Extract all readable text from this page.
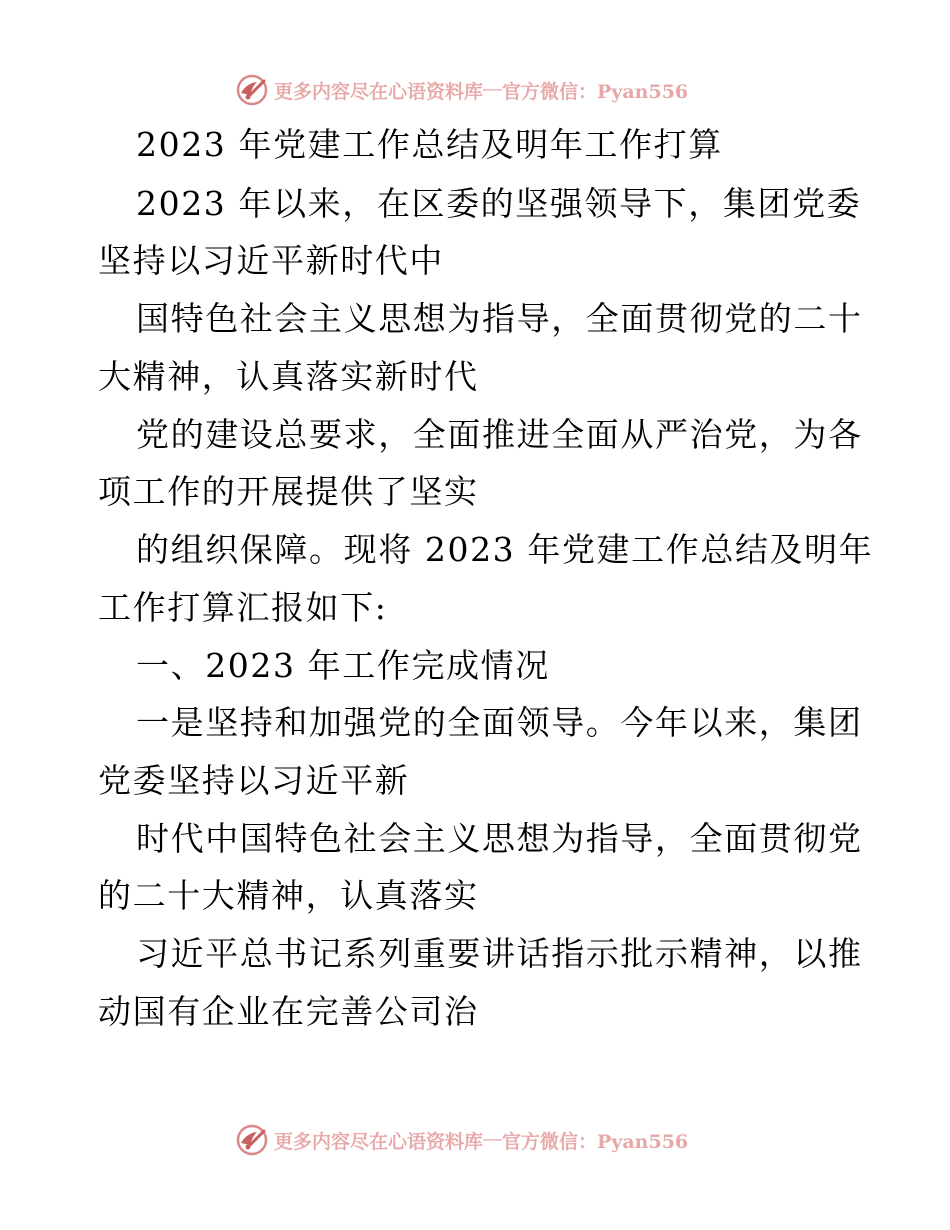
更多内容尽在心语资料库 — 官方微信：Pyan556
2023 年党建工作总结及明年工作打算
2023 年以来，在区委的坚强领导下，集团党委
坚持以习近平新时代中
国特色社会主义思想为指导，全面贯彻党的二十
大精神，认真落实新时代
党的建设总要求，全面推进全面从严治党，为各
项工作的开展提供了坚实
的组织保障。现将 2023 年党建工作总结及明年
工作打算汇报如下:
一、2023 年工作完成情况
一是坚持和加强党的全面领导。今年以来，集团
党委坚持以习近平新
时代中国特色社会主义思想为指导，全面贯彻党
的二十大精神，认真落实
习近平总书记系列重要讲话指示批示精神，以推
动国有企业在完善公司治
更多内容尽在心语资料库 — 官方微信：Pyan556
